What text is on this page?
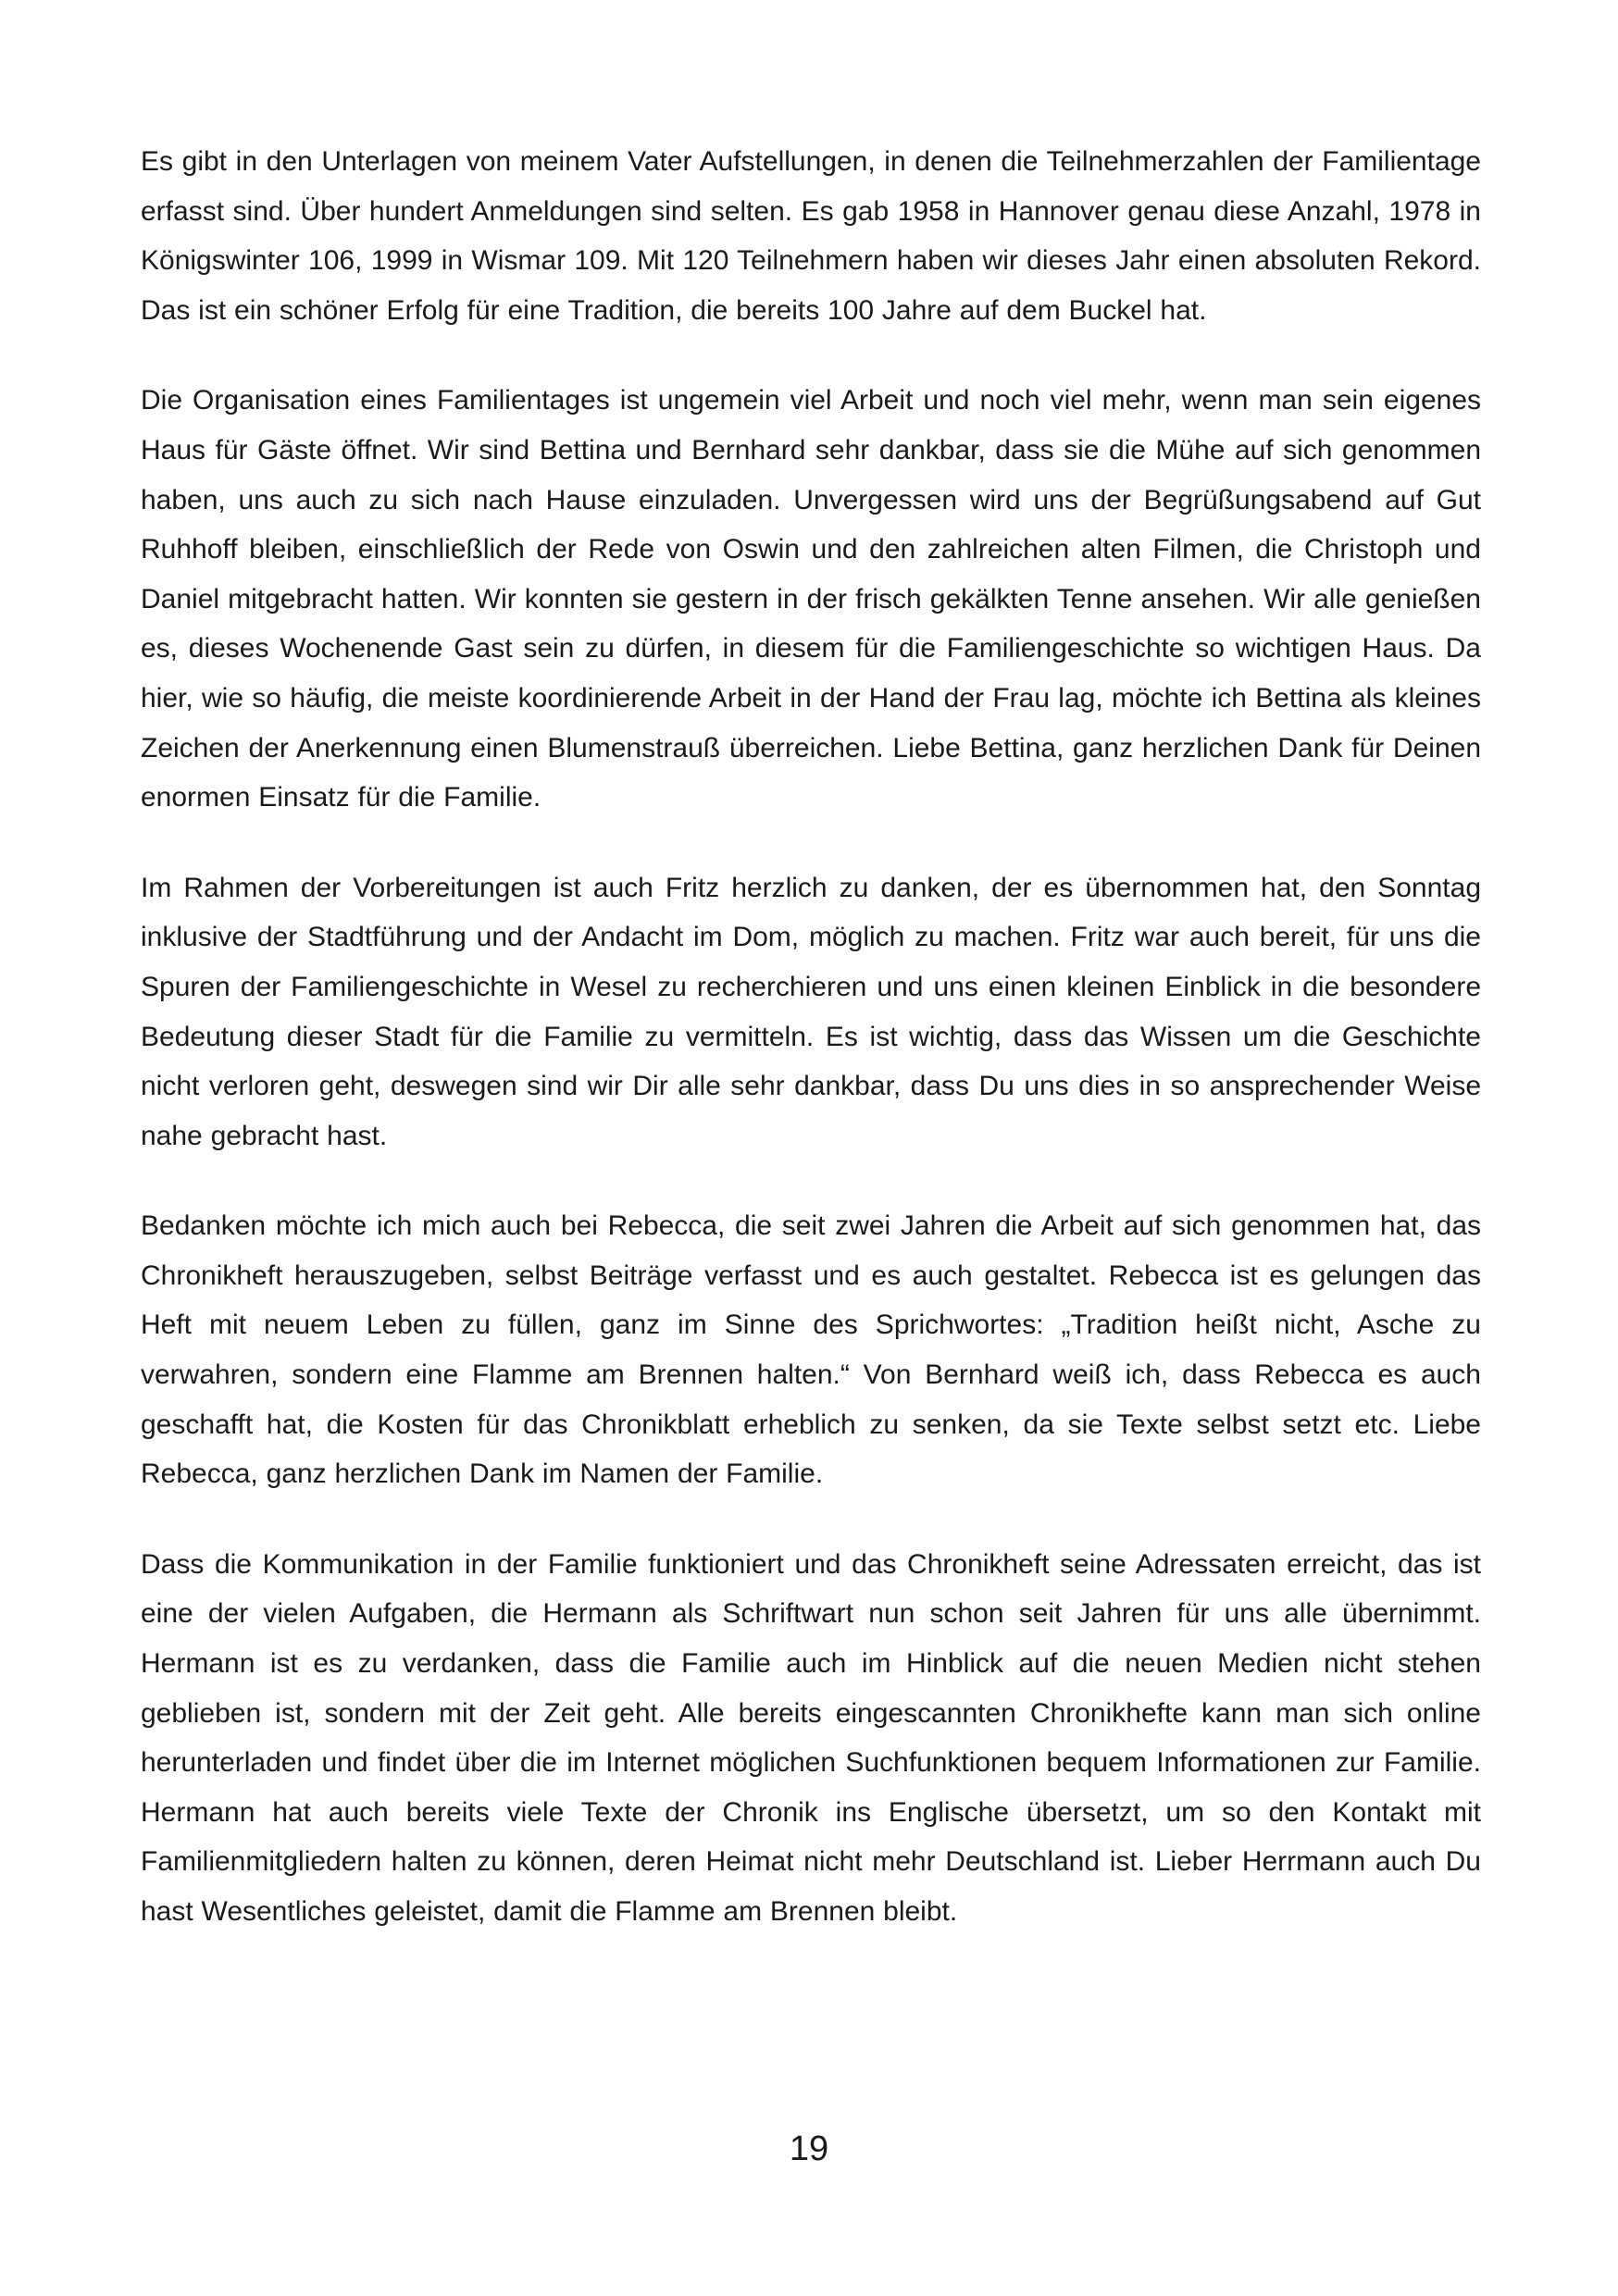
Es gibt in den Unterlagen von meinem Vater Aufstellungen, in denen die Teilnehmerzahlen der Familientage erfasst sind. Über hundert Anmeldungen sind selten. Es gab 1958 in Hannover genau diese Anzahl, 1978 in Königswinter 106, 1999 in Wismar 109. Mit 120 Teilnehmern haben wir dieses Jahr einen absoluten Rekord. Das ist ein schöner Erfolg für eine Tradition, die bereits 100 Jahre auf dem Buckel hat.

Die Organisation eines Familientages ist ungemein viel Arbeit und noch viel mehr, wenn man sein eigenes Haus für Gäste öffnet. Wir sind Bettina und Bernhard sehr dankbar, dass sie die Mühe auf sich genommen haben, uns auch zu sich nach Hause einzuladen. Unvergessen wird uns der Begrüßungsabend auf Gut Ruhhoff bleiben, einschließlich der Rede von Oswin und den zahlreichen alten Filmen, die Christoph und Daniel mitgebracht hatten. Wir konnten sie gestern in der frisch gekälkten Tenne ansehen. Wir alle genießen es, dieses Wochenende Gast sein zu dürfen, in diesem für die Familiengeschichte so wichtigen Haus. Da hier, wie so häufig, die meiste koordinierende Arbeit in der Hand der Frau lag, möchte ich Bettina als kleines Zeichen der Anerkennung einen Blumenstrauß überreichen. Liebe Bettina, ganz herzlichen Dank für Deinen enormen Einsatz für die Familie.

Im Rahmen der Vorbereitungen ist auch Fritz herzlich zu danken, der es übernommen hat, den Sonntag inklusive der Stadtführung und der Andacht im Dom, möglich zu machen. Fritz war auch bereit, für uns die Spuren der Familiengeschichte in Wesel zu recherchieren und uns einen kleinen Einblick in die besondere Bedeutung dieser Stadt für die Familie zu vermitteln. Es ist wichtig, dass das Wissen um die Geschichte nicht verloren geht, deswegen sind wir Dir alle sehr dankbar, dass Du uns dies in so ansprechender Weise nahe gebracht hast.

Bedanken möchte ich mich auch bei Rebecca, die seit zwei Jahren die Arbeit auf sich genommen hat, das Chronikheft herauszugeben, selbst Beiträge verfasst und es auch gestaltet. Rebecca ist es gelungen das Heft mit neuem Leben zu füllen, ganz im Sinne des Sprichwortes: „Tradition heißt nicht, Asche zu verwahren, sondern eine Flamme am Brennen halten.“ Von Bernhard weiß ich, dass Rebecca es auch geschafft hat, die Kosten für das Chronikblatt erheblich zu senken, da sie Texte selbst setzt etc. Liebe Rebecca, ganz herzlichen Dank im Namen der Familie.

Dass die Kommunikation in der Familie funktioniert und das Chronikheft seine Adressaten erreicht, das ist eine der vielen Aufgaben, die Hermann als Schriftwart nun schon seit Jahren für uns alle übernimmt. Hermann ist es zu verdanken, dass die Familie auch im Hinblick auf die neuen Medien nicht stehen geblieben ist, sondern mit der Zeit geht. Alle bereits eingescannten Chronikhefte kann man sich online herunterladen und findet über die im Internet möglichen Suchfunktionen bequem Informationen zur Familie. Hermann hat auch bereits viele Texte der Chronik ins Englische übersetzt, um so den Kontakt mit Familienmitgliedern halten zu können, deren Heimat nicht mehr Deutschland ist. Lieber Herrmann auch Du hast Wesentliches geleistet, damit die Flamme am Brennen bleibt.

19
